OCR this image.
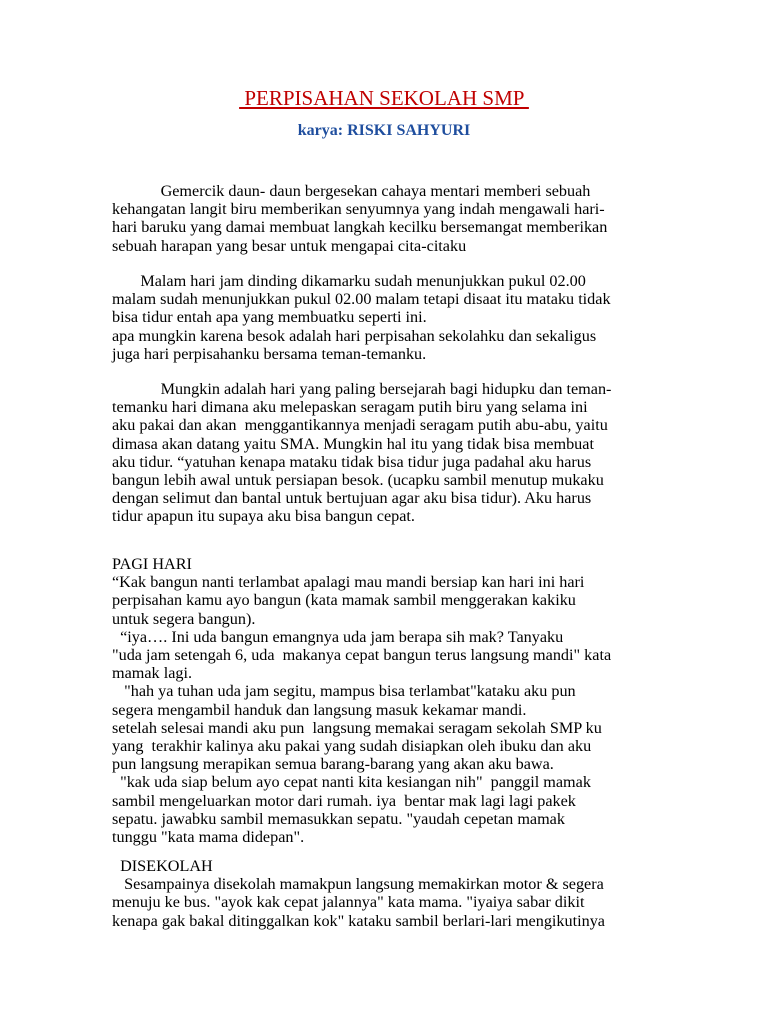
PERPISAHAN SEKOLAH SMP
karya: RISKI SAHYURI

Gemercik daun- daun bergesekan cahaya mentari memberi sebuah
kehangatan langit biru memberikan senyumnya yang indah mengawali hari-
hari baruku yang damai membuat langkah kecilku bersemangat memberikan
sebuah harapan yang besar untuk mengapai cita-citaku

Malam hari jam dinding dikamarku sudah menunjukkan pukul 02.00
malam sudah menunjukkan pukul 02.00 malam tetapi disaat itu mataku tidak
bisa tidur entah apa yang membuatku seperti ini.
apa mungkin karena besok adalah hari perpisahan sekolahku dan sekaligus
juga hari perpisahanku bersama teman-temanku.

Mungkin adalah hari yang paling bersejarah bagi hidupku dan teman-
temanku hari dimana aku melepaskan seragam putih biru yang selama ini
aku pakai dan akan  menggantikannya menjadi seragam putih abu-abu, yaitu
dimasa akan datang yaitu SMA. Mungkin hal itu yang tidak bisa membuat
aku tidur. “yatuhan kenapa mataku tidak bisa tidur juga padahal aku harus
bangun lebih awal untuk persiapan besok. (ucapku sambil menutup mukaku
dengan selimut dan bantal untuk bertujuan agar aku bisa tidur). Aku harus
tidur apapun itu supaya aku bisa bangun cepat.

PAGI HARI
“Kak bangun nanti terlambat apalagi mau mandi bersiap kan hari ini hari
perpisahan kamu ayo bangun (kata mamak sambil menggerakan kakiku
untuk segera bangun).
“iya…. Ini uda bangun emangnya uda jam berapa sih mak? Tanyaku
"uda jam setengah 6, uda  makanya cepat bangun terus langsung mandi" kata
mamak lagi.
"hah ya tuhan uda jam segitu, mampus bisa terlambat"kataku aku pun
segera mengambil handuk dan langsung masuk kekamar mandi.
setelah selesai mandi aku pun  langsung memakai seragam sekolah SMP ku
yang  terakhir kalinya aku pakai yang sudah disiapkan oleh ibuku dan aku
pun langsung merapikan semua barang-barang yang akan aku bawa.
"kak uda siap belum ayo cepat nanti kita kesiangan nih"  panggil mamak
sambil mengeluarkan motor dari rumah. iya  bentar mak lagi lagi pakek
sepatu. jawabku sambil memasukkan sepatu. "yaudah cepetan mamak
tunggu "kata mama didepan".

DISEKOLAH
Sesampainya disekolah mamakpun langsung memakirkan motor & segera
menuju ke bus. "ayok kak cepat jalannya" kata mama. "iyaiya sabar dikit
kenapa gak bakal ditinggalkan kok" kataku sambil berlari-lari mengikutinya
